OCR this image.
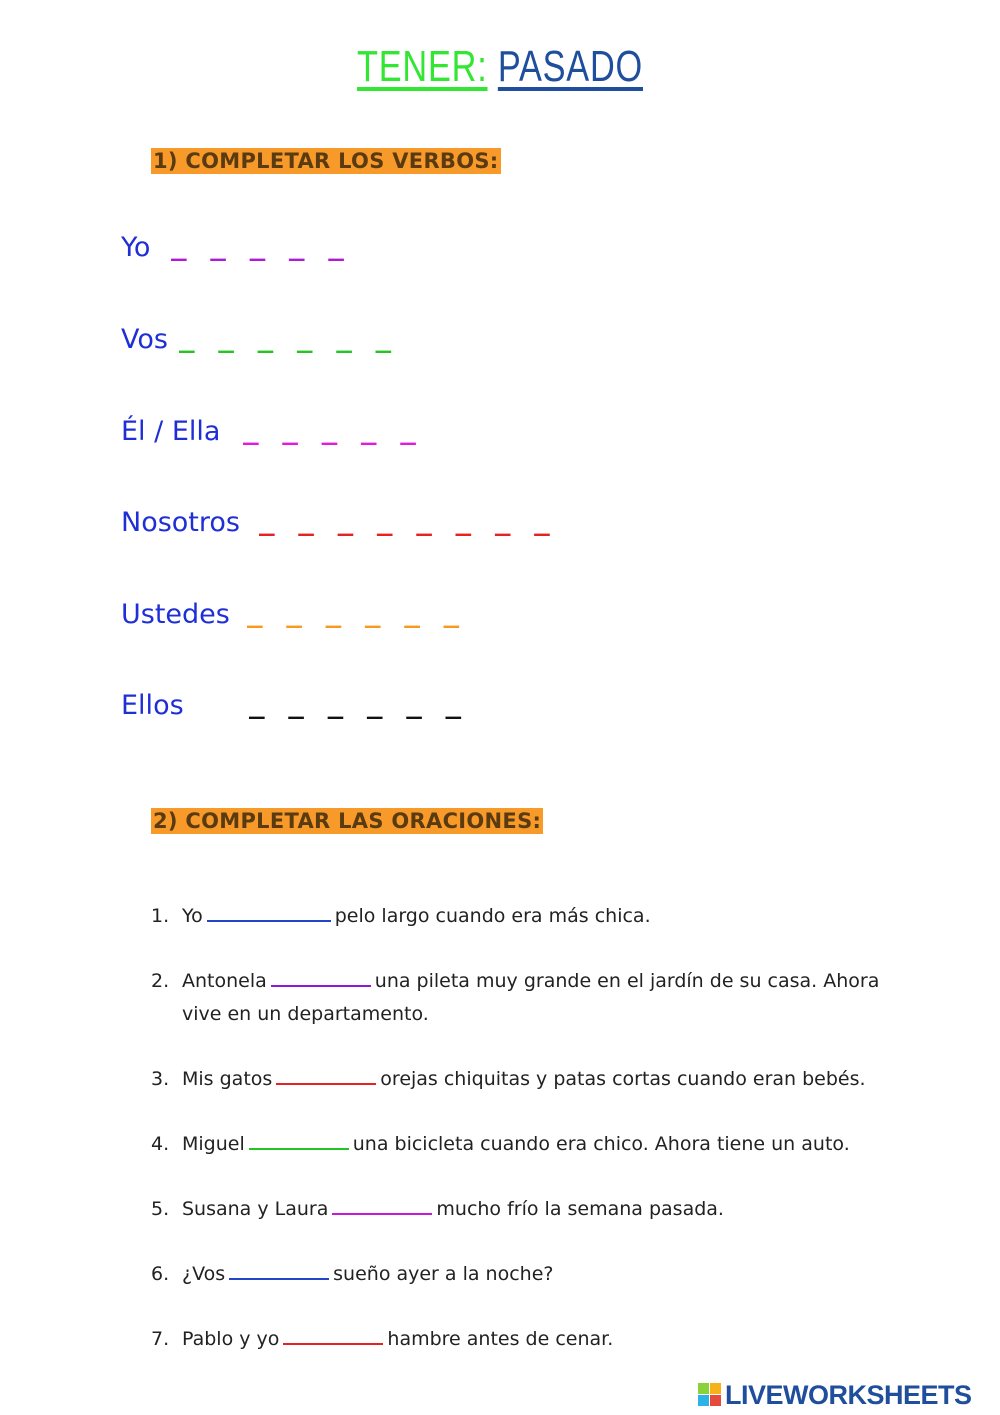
TENER: PASADO
1) COMPLETAR LOS VERBOS:
Yo _ _ _ _ _
Vos _ _ _ _ _ _
Él / Ella _ _ _ _ _
Nosotros _ _ _ _ _ _ _ _
Ustedes _ _ _ _ _ _
Ellos	_ _ _ _ _ _
2) COMPLETAR LAS ORACIONES:
1. Yo	pelo largo cuando era más chica.
2. Antonela	una pileta muy grande en el jardín de su casa. Ahora vive en un departamento.
3. Mis gatos	orejas chiquitas y patas cortas cuando eran bebés.
4. Miguel	una bicicleta cuando era chico. Ahora tiene un auto.
5. Susana y Laura	mucho frío la semana pasada.
6. ¿Vos	sueño ayer a la noche?
7. Pablo y yo	hambre antes de cenar.
LIVEWORKSHEETS
